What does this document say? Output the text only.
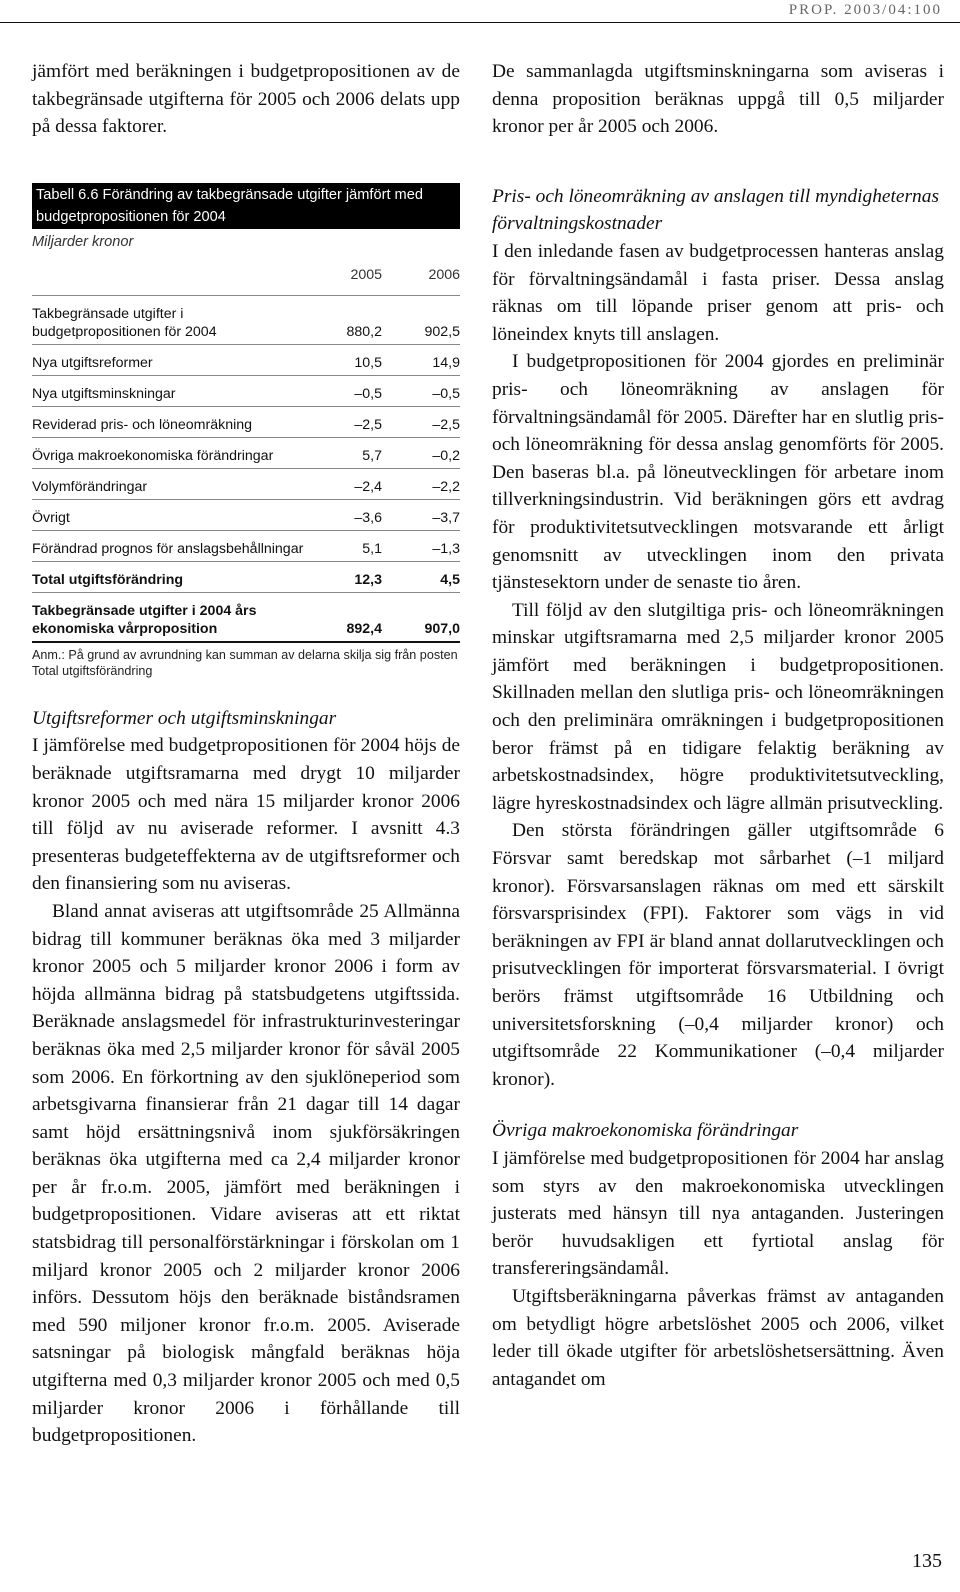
PROP. 2003/04:100

jämfört med beräkningen i budgetpropositionen av de takbegränsade utgifterna för 2005 och 2006 delats upp på dessa faktorer.

Tabell 6.6 Förändring av takbegränsade utgifter jämfört med budgetpropositionen för 2004
Miljarder kronor
	2005	2006
Takbegränsade utgifter i budgetpropositionen för 2004	880,2	902,5
Nya utgiftsreformer	10,5	14,9
Nya utgiftsminskningar	–0,5	–0,5
Reviderad pris- och löneomräkning	–2,5	–2,5
Övriga makroekonomiska förändringar	5,7	–0,2
Volymförändringar	–2,4	–2,2
Övrigt	–3,6	–3,7
Förändrad prognos för anslagsbehållningar	5,1	–1,3
Total utgiftsförändring	12,3	4,5
Takbegränsade utgifter i 2004 års ekonomiska vårproposition	892,4	907,0
Anm.: På grund av avrundning kan summan av delarna skilja sig från posten Total utgiftsförändring
Utgiftsreformer och utgiftsminskningar

I jämförelse med budgetpropositionen för 2004 höjs de beräknade utgiftsramarna med drygt 10 miljarder kronor 2005 och med nära 15 miljarder kronor 2006 till följd av nu aviserade reformer. I avsnitt 4.3 presenteras budgeteffekterna av de utgiftsreformer och den finansiering som nu aviseras.

Bland annat aviseras att utgiftsområde 25 Allmänna bidrag till kommuner beräknas öka med 3 miljarder kronor 2005 och 5 miljarder kronor 2006 i form av höjda allmänna bidrag på statsbudgetens utgiftssida. Beräknade anslagsmedel för infrastrukturinvesteringar beräknas öka med 2,5 miljarder kronor för såväl 2005 som 2006. En förkortning av den sjuklöneperiod som arbetsgivarna finansierar från 21 dagar till 14 dagar samt höjd ersättningsnivå inom sjukförsäkringen beräknas öka utgifterna med ca 2,4 miljarder kronor per år fr.o.m. 2005, jämfört med beräkningen i budgetpropositionen. Vidare aviseras att ett riktat statsbidrag till personalförstärkningar i förskolan om 1 miljard kronor 2005 och 2 miljarder kronor 2006 införs. Dessutom höjs den beräknade biståndsramen med 590 miljoner kronor fr.o.m. 2005. Aviserade satsningar på biologisk mångfald beräknas höja utgifterna med 0,3 miljarder kronor 2005 och med 0,5 miljarder kronor 2006 i förhållande till budgetpropositionen.

De sammanlagda utgiftsminskningarna som aviseras i denna proposition beräknas uppgå till 0,5 miljarder kronor per år 2005 och 2006.

Pris- och löneomräkning av anslagen till myndigheternas förvaltningskostnader

I den inledande fasen av budgetprocessen hanteras anslag för förvaltningsändamål i fasta priser. Dessa anslag räknas om till löpande priser genom att pris- och löneindex knyts till anslagen.

I budgetpropositionen för 2004 gjordes en preliminär pris- och löneomräkning av anslagen för förvaltningsändamål för 2005. Därefter har en slutlig pris- och löneomräkning för dessa anslag genomförts för 2005. Den baseras bl.a. på löneutvecklingen för arbetare inom tillverkningsindustrin. Vid beräkningen görs ett avdrag för produktivitetsutvecklingen motsvarande ett årligt genomsnitt av utvecklingen inom den privata tjänstesektorn under de senaste tio åren.

Till följd av den slutgiltiga pris- och löneomräkningen minskar utgiftsramarna med 2,5 miljarder kronor 2005 jämfört med beräkningen i budgetpropositionen. Skillnaden mellan den slutliga pris- och löneomräkningen och den preliminära omräkningen i budgetpropositionen beror främst på en tidigare felaktig beräkning av arbetskostnadsindex, högre produktivitetsutveckling, lägre hyreskostnadsindex och lägre allmän prisutveckling.

Den största förändringen gäller utgiftsområde 6 Försvar samt beredskap mot sårbarhet (–1 miljard kronor). Försvarsanslagen räknas om med ett särskilt försvarsprisindex (FPI). Faktorer som vägs in vid beräkningen av FPI är bland annat dollarutvecklingen och prisutvecklingen för importerat försvarsmaterial. I övrigt berörs främst utgiftsområde 16 Utbildning och universitetsforskning (–0,4 miljarder kronor) och utgiftsområde 22 Kommunikationer (–0,4 miljarder kronor).

Övriga makroekonomiska förändringar

I jämförelse med budgetpropositionen för 2004 har anslag som styrs av den makroekonomiska utvecklingen justerats med hänsyn till nya antaganden. Justeringen berör huvudsakligen ett fyrtiotal anslag för transfereringsändamål.

Utgiftsberäkningarna påverkas främst av antaganden om betydligt högre arbetslöshet 2005 och 2006, vilket leder till ökade utgifter för arbetslöshetsersättning. Även antagandet om

135
